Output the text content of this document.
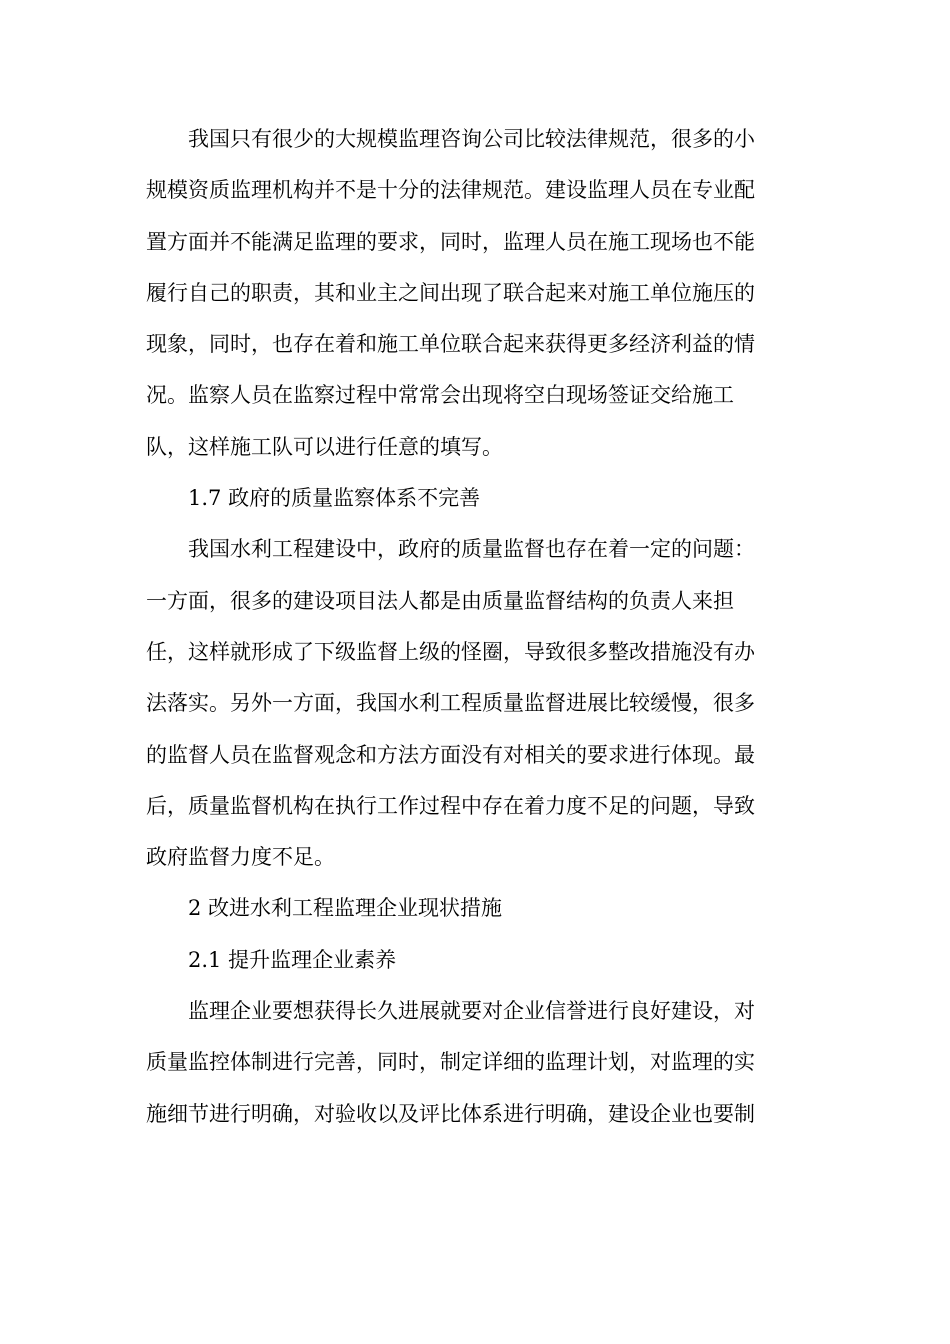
我国只有很少的大规模监理咨询公司比较法律规范，很多的小
规模资质监理机构并不是十分的法律规范。建设监理人员在专业配
置方面并不能满足监理的要求，同时，监理人员在施工现场也不能
履行自己的职责，其和业主之间出现了联合起来对施工单位施压的
现象，同时，也存在着和施工单位联合起来获得更多经济利益的情
况。监察人员在监察过程中常常会出现将空白现场签证交给施工
队，这样施工队可以进行任意的填写。
1.7 政府的质量监察体系不完善
我国水利工程建设中，政府的质量监督也存在着一定的问题：
一方面，很多的建设项目法人都是由质量监督结构的负责人来担
任，这样就形成了下级监督上级的怪圈，导致很多整改措施没有办
法落实。另外一方面，我国水利工程质量监督进展比较缓慢，很多
的监督人员在监督观念和方法方面没有对相关的要求进行体现。最
后，质量监督机构在执行工作过程中存在着力度不足的问题，导致
政府监督力度不足。
2 改进水利工程监理企业现状措施
2.1 提升监理企业素养
监理企业要想获得长久进展就要对企业信誉进行良好建设，对
质量监控体制进行完善，同时，制定详细的监理计划，对监理的实
施细节进行明确，对验收以及评比体系进行明确，建设企业也要制
